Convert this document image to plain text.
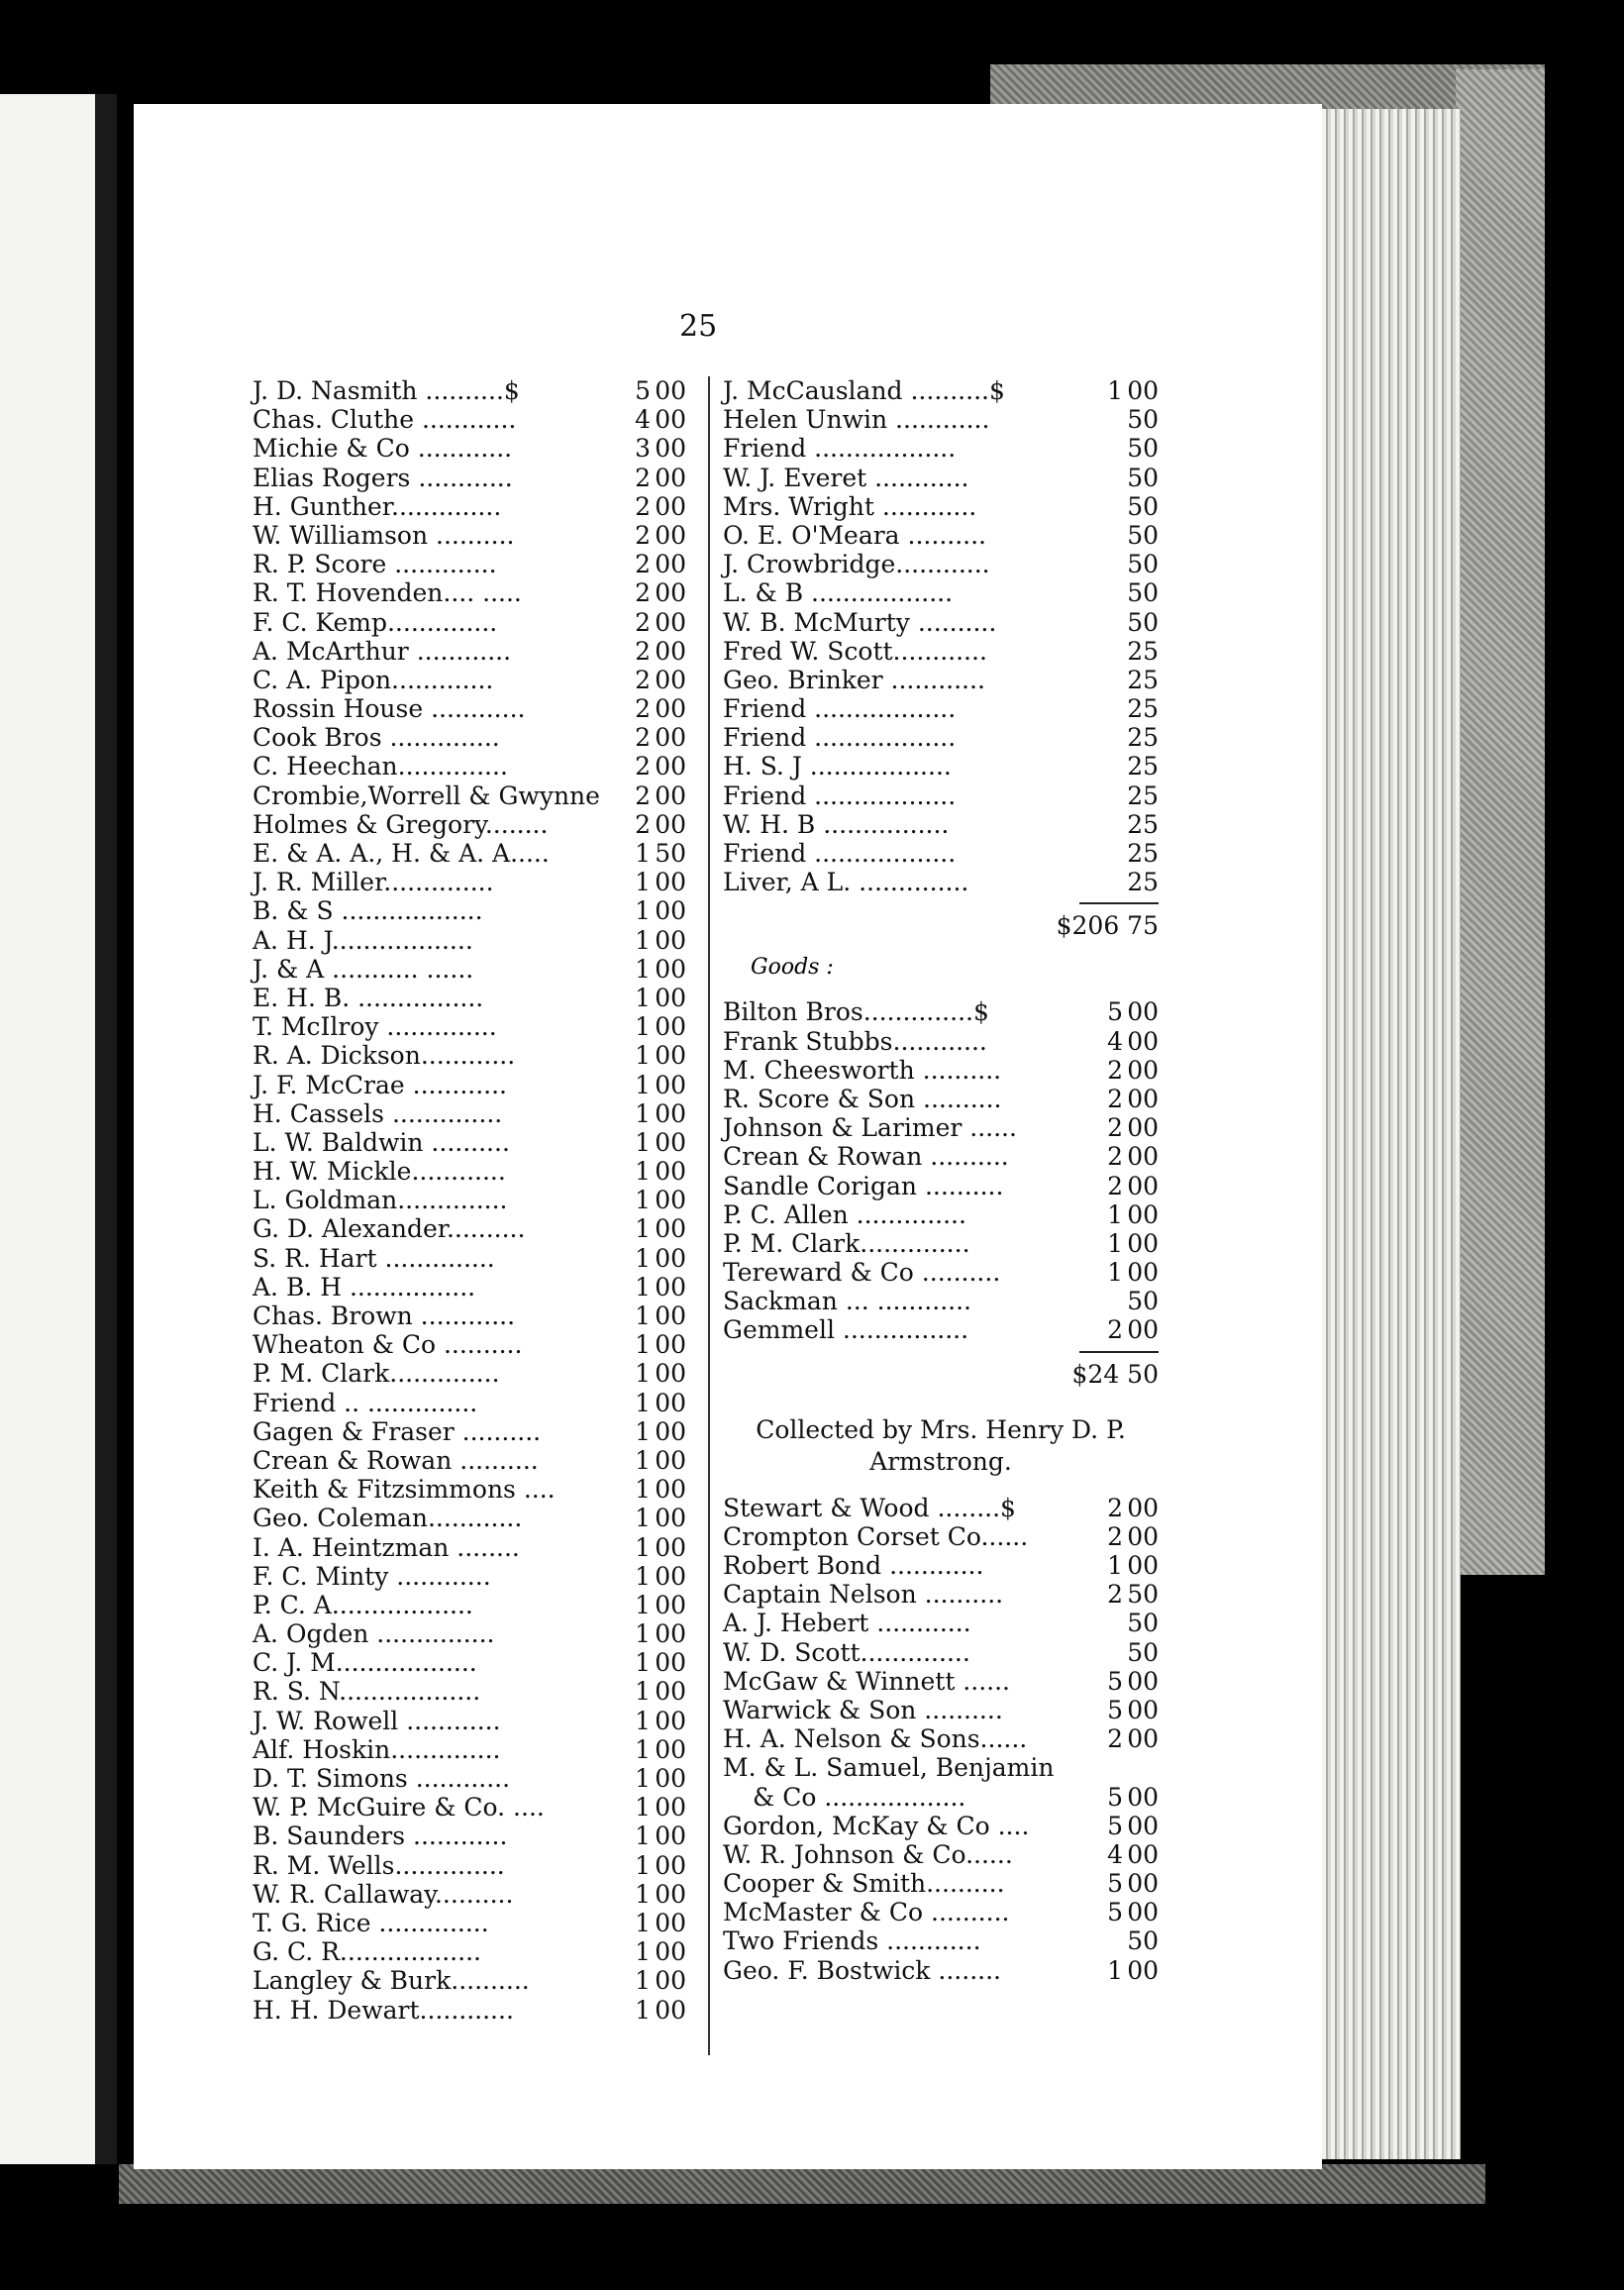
25
J. D. Nasmith ..........$	5 00
Chas. Cluthe ............	4 00
Michie & Co ............	3 00
Elias Rogers ............	2 00
H. Gunther..............	2 00
W. Williamson ..........	2 00
R. P. Score .............	2 00
R. T. Hovenden.... .....	2 00
F. C. Kemp..............	2 00
A. McArthur ............	2 00
C. A. Pipon.............	2 00
Rossin House ............	2 00
Cook Bros ..............	2 00
C. Heechan..............	2 00
Crombie,Worrell & Gwynne	2 00
Holmes & Gregory........	2 00
E. & A. A., H. & A. A.....	1 50
J. R. Miller..............	1 00
B. & S ..................	1 00
A. H. J..................	1 00
J. & A ........... ......	1 00
E. H. B. ................	1 00
T. McIlroy ..............	1 00
R. A. Dickson............	1 00
J. F. McCrae ............	1 00
H. Cassels ..............	1 00
L. W. Baldwin ..........	1 00
H. W. Mickle............	1 00
L. Goldman..............	1 00
G. D. Alexander..........	1 00
S. R. Hart ..............	1 00
A. B. H ................	1 00
Chas. Brown ............	1 00
Wheaton & Co ..........	1 00
P. M. Clark..............	1 00
Friend .. ..............	1 00
Gagen & Fraser ..........	1 00
Crean & Rowan ..........	1 00
Keith & Fitzsimmons ....	1 00
Geo. Coleman............	1 00
I. A. Heintzman ........	1 00
F. C. Minty ............	1 00
P. C. A..................	1 00
A. Ogden ...............	1 00
C. J. M..................	1 00
R. S. N..................	1 00
J. W. Rowell ............	1 00
Alf. Hoskin..............	1 00
D. T. Simons ............	1 00
W. P. McGuire & Co. ....	1 00
B. Saunders ............	1 00
R. M. Wells..............	1 00
W. R. Callaway..........	1 00
T. G. Rice ..............	1 00
G. C. R..................	1 00
Langley & Burk..........	1 00
H. H. Dewart............	1 00
J. McCausland ..........$	1 00
Helen Unwin ............	50
Friend ..................	50
W. J. Everet ............	50
Mrs. Wright ............	50
O. E. O'Meara ..........	50
J. Crowbridge............	50
L. & B ..................	50
W. B. McMurty ..........	50
Fred W. Scott............	25
Geo. Brinker ............	25
Friend ..................	25
Friend ..................	25
H. S. J ..................	25
Friend ..................	25
W. H. B ................	25
Friend ..................	25
Liver, A L. ..............	25
$206 75
Goods :
Bilton Bros..............$	5 00
Frank Stubbs............	4 00
M. Cheesworth ..........	2 00
R. Score & Son ..........	2 00
Johnson & Larimer ......	2 00
Crean & Rowan ..........	2 00
Sandle Corigan ..........	2 00
P. C. Allen ..............	1 00
P. M. Clark..............	1 00
Tereward & Co ..........	1 00
Sackman ... ............	50
Gemmell ................	2 00
$24 50
Collected by Mrs. Henry D. P.
Armstrong.
Stewart & Wood ........$	2 00
Crompton Corset Co......	2 00
Robert Bond ............	1 00
Captain Nelson ..........	2 50
A. J. Hebert ............	50
W. D. Scott..............	50
McGaw & Winnett ......	5 00
Warwick & Son ..........	5 00
H. A. Nelson & Sons......	2 00
M. & L. Samuel, Benjamin
& Co ..................	5 00
Gordon, McKay & Co ....	5 00
W. R. Johnson & Co......	4 00
Cooper & Smith..........	5 00
McMaster & Co ..........	5 00
Two Friends ............	50
Geo. F. Bostwick ........	1 00
